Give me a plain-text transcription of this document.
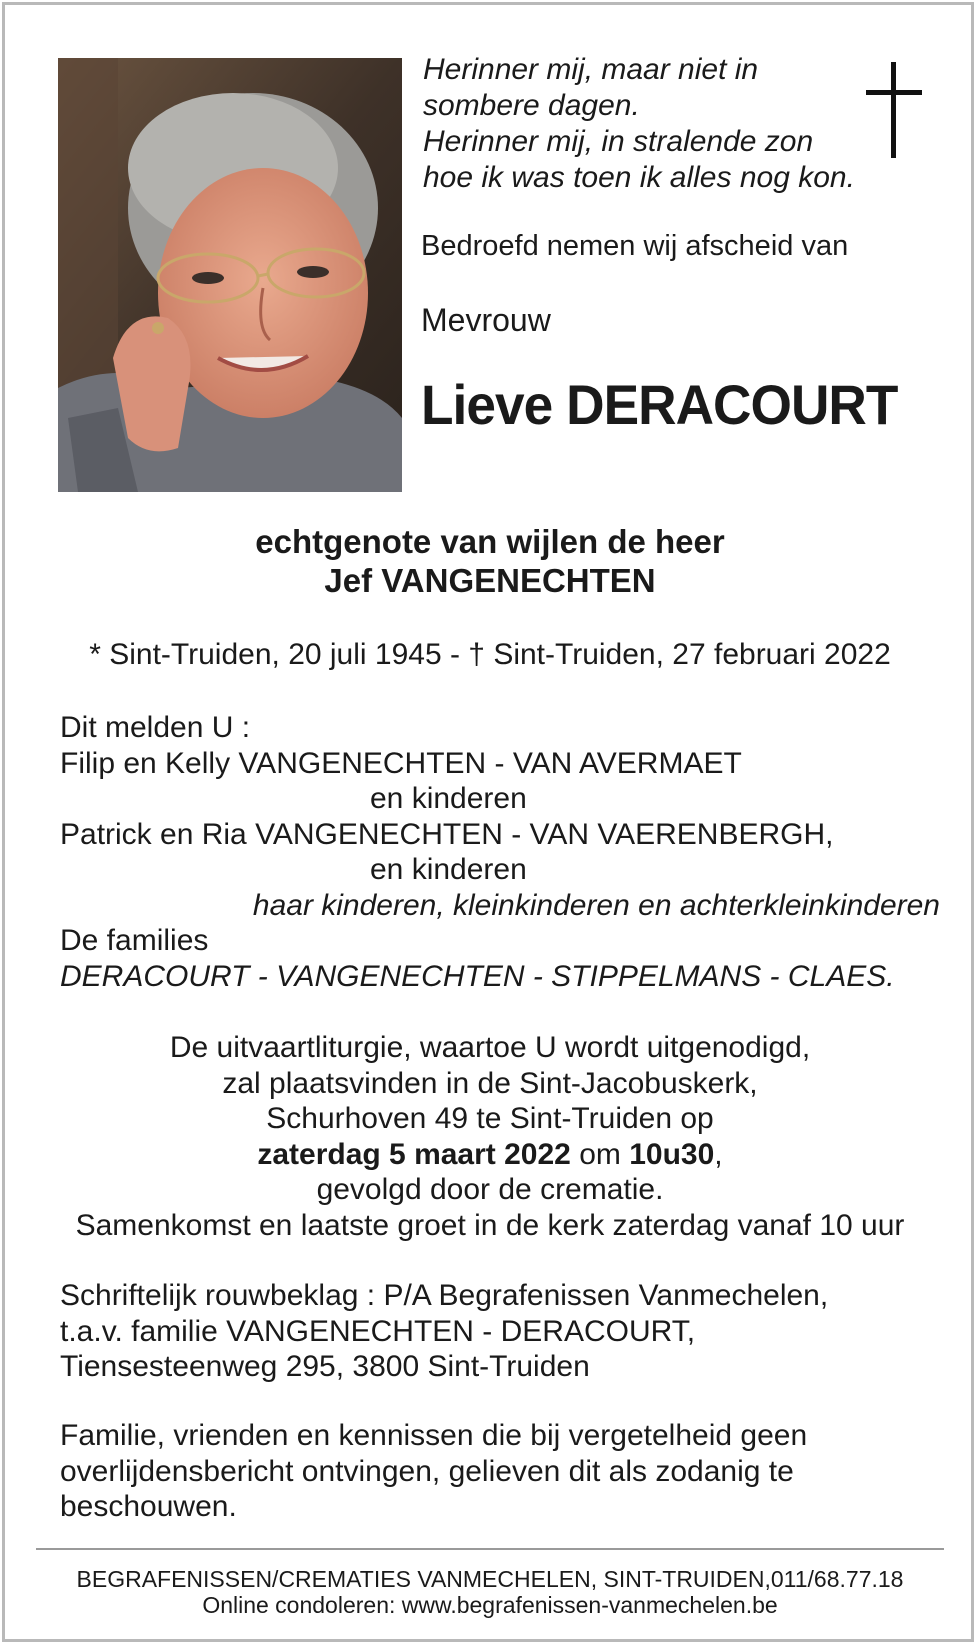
Herinner mij, maar niet in
sombere dagen.
Herinner mij, in stralende zon
hoe ik was toen ik alles nog kon.
Bedroefd nemen wij afscheid van
Mevrouw
Lieve DERACOURT
echtgenote van wijlen de heer
Jef VANGENECHTEN
* Sint-Truiden, 20 juli 1945 - † Sint-Truiden, 27 februari 2022
Dit melden U :
Filip en Kelly VANGENECHTEN - VAN AVERMAET
en kinderen
Patrick en Ria VANGENECHTEN - VAN VAERENBERGH,
en kinderen
haar kinderen, kleinkinderen en achterkleinkinderen
De families
DERACOURT - VANGENECHTEN - STIPPELMANS - CLAES.
De uitvaartliturgie, waartoe U wordt uitgenodigd,
zal plaatsvinden in de Sint-Jacobuskerk,
Schurhoven 49 te Sint-Truiden op
zaterdag 5 maart 2022 om 10u30,
gevolgd door de crematie.
Samenkomst en laatste groet in de kerk zaterdag vanaf 10 uur
Schriftelijk rouwbeklag : P/A Begrafenissen Vanmechelen,
t.a.v. familie VANGENECHTEN - DERACOURT,
Tiensesteenweg 295, 3800 Sint-Truiden
Familie, vrienden en kennissen die bij vergetelheid geen
overlijdensbericht ontvingen, gelieven dit als zodanig te
beschouwen.
BEGRAFENISSEN/CREMATIES VANMECHELEN, SINT-TRUIDEN,011/68.77.18
Online condoleren: www.begrafenissen-vanmechelen.be
